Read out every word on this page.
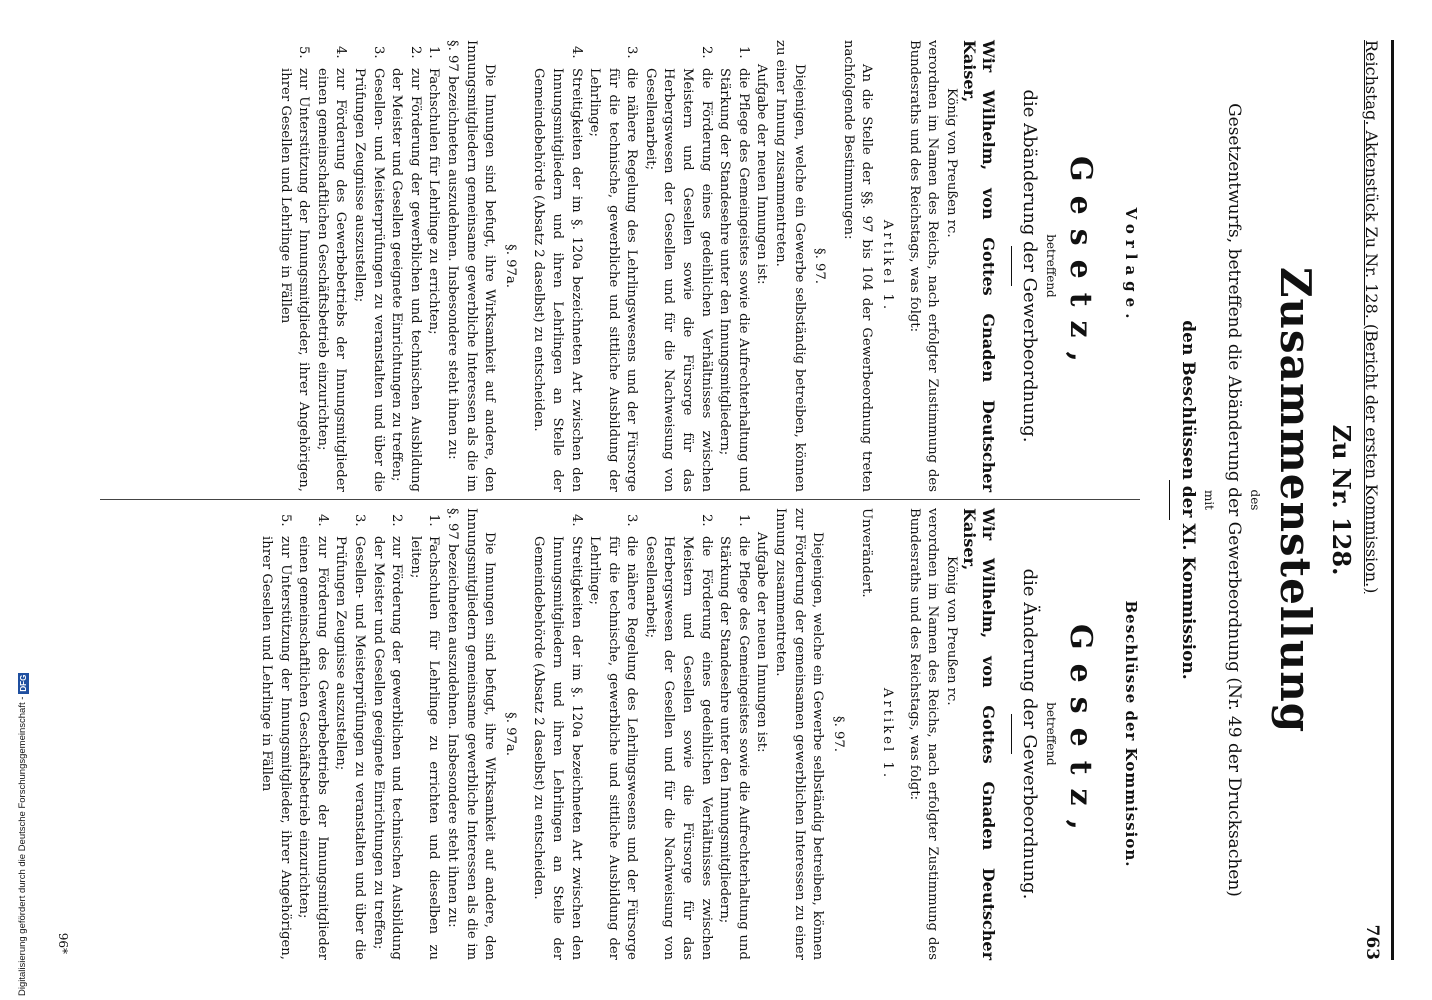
Reichstag. Aktenstück Zu Nr. 128. (Bericht der ersten Kommission.)
763
Zu Nr. 128.
Zusammenstellung
des
Gesetzentwurfs, betreffend die Abänderung der Gewerbeordnung (Nr. 49 der Drucksachen)
mit
den Beschlüssen der XI. Kommission.
Vorlage.
Gesetz,
betreffend
die Abänderung der Gewerbeordnung.

Wir Wilhelm, von Gottes Gnaden Deutscher Kaiser,

König von Preußen rc.

verordnen im Namen des Reichs, nach erfolgter Zustimmung des Bundesraths und des Reichstags, was folgt:

Artikel 1.

An die Stelle der §§. 97 bis 104 der Gewerbeordnung treten nachfolgende Bestimmungen:

§. 97.

Diejenigen, welche ein Gewerbe selbständig betreiben, können zu einer Innung zusammentreten.

Aufgabe der neuen Innungen ist:

1.
die Pflege des Gemeingeistes sowie die Aufrechterhaltung und Stärkung der Standesehre unter den Innungsmitgliedern;
2.
die Förderung eines gedeihlichen Verhältnisses zwischen Meistern und Gesellen sowie die Fürsorge für das Herbergswesen der Gesellen und für die Nachweisung von Gesellenarbeit;
3.
die nähere Regelung des Lehrlingswesens und der Fürsorge für die technische, gewerbliche und sittliche Ausbildung der Lehrlinge;
4.
Streitigkeiten der im §. 120a bezeichneten Art zwischen den Innungsmitgliedern und ihren Lehrlingen an Stelle der Gemeindebehörde (Absatz 2 daselbst) zu entscheiden.
§. 97a.

Die Innungen sind befugt, ihre Wirksamkeit auf andere, den Innungsmitgliedern gemeinsame gewerbliche Interessen als die im §. 97 bezeichneten auszudehnen. Insbesondere steht ihnen zu:

1.
Fachschulen für Lehrlinge zu errichten;
2.
zur Förderung der gewerblichen und technischen Ausbildung der Meister und Gesellen geeignete Einrichtungen zu treffen;
3.
Gesellen- und Meisterprüfungen zu veranstalten und über die Prüfungen Zeugnisse auszustellen;
4.
zur Förderung des Gewerbebetriebs der Innungsmitglieder einen gemeinschaftlichen Geschäftsbetrieb einzurichten;
5.
zur Unterstützung der Innungsmitglieder, ihrer Angehörigen, ihrer Gesellen und Lehrlinge in Fällen
Beschlüsse der Kommission.
Gesetz,
betreffend
die Änderung der Gewerbeordnung.

Wir Wilhelm, von Gottes Gnaden Deutscher Kaiser,

König von Preußen rc.

verordnen im Namen des Reichs, nach erfolgter Zustimmung des Bundesraths und des Reichstags, was folgt:

Artikel 1.

Unverändert.

§. 97.

Diejenigen, welche ein Gewerbe selbständig betreiben, können zur Förderung der gemeinsamen gewerblichen Interessen zu einer Innung zusammentreten.

Aufgabe der neuen Innungen ist:

1.
die Pflege des Gemeingeistes sowie die Aufrechterhaltung und Stärkung der Standesehre unter den Innungsmitgliedern;
2.
die Förderung eines gedeihlichen Verhältnisses zwischen Meistern und Gesellen sowie die Fürsorge für das Herbergswesen der Gesellen und für die Nachweisung von Gesellenarbeit;
3.
die nähere Regelung des Lehrlingswesens und der Fürsorge für die technische, gewerbliche und sittliche Ausbildung der Lehrlinge;
4.
Streitigkeiten der im §. 120a bezeichneten Art zwischen den Innungsmitgliedern und ihren Lehrlingen an Stelle der Gemeindebehörde (Absatz 2 daselbst) zu entscheiden.
§. 97a.

Die Innungen sind befugt, ihre Wirksamkeit auf andere, den Innungsmitgliedern gemeinsame gewerbliche Interessen als die im §. 97 bezeichneten auszudehnen. Insbesondere steht ihnen zu:

1.
Fachschulen für Lehrlinge zu errichten und dieselben zu leiten;
2.
zur Förderung der gewerblichen und technischen Ausbildung der Meister und Gesellen geeignete Einrichtungen zu treffen;
3.
Gesellen- und Meisterprüfungen zu veranstalten und über die Prüfungen Zeugnisse auszustellen;
4.
zur Förderung des Gewerbebetriebs der Innungsmitglieder einen gemeinschaftlichen Geschäftsbetrieb einzurichten;
5.
zur Unterstützung der Innungsmitglieder, ihrer Angehörigen, ihrer Gesellen und Lehrlinge in Fällen
96*
Digitalisierung gefördert durch die Deutsche Forschungsgemeinschaft -
DFG
